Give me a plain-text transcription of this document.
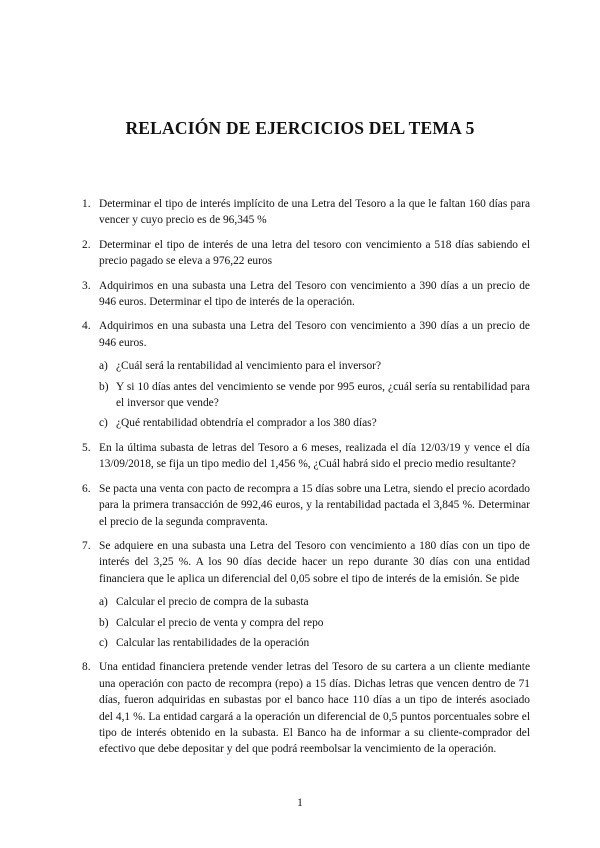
RELACIÓN DE EJERCICIOS DEL TEMA 5
1. Determinar el tipo de interés implícito de una Letra del Tesoro a la que le faltan 160 días para vencer y cuyo precio es de 96,345 %
2. Determinar el tipo de interés de una letra del tesoro con vencimiento a 518 días sabiendo el precio pagado se eleva a 976,22 euros
3. Adquirimos en una subasta una Letra del Tesoro con vencimiento a 390 días a un precio de 946 euros. Determinar el tipo de interés de la operación.
4. Adquirimos en una subasta una Letra del Tesoro con vencimiento a 390 días a un precio de 946 euros.
a) ¿Cuál será la rentabilidad al vencimiento para el inversor?
b) Y si 10 días antes del vencimiento se vende por 995 euros, ¿cuál sería su rentabilidad para el inversor que vende?
c) ¿Qué rentabilidad obtendría el comprador a los 380 días?
5. En la última subasta de letras del Tesoro a 6 meses, realizada el día 12/03/19 y vence el día 13/09/2018, se fija un tipo medio del 1,456 %, ¿Cuál habrá sido el precio medio resultante?
6. Se pacta una venta con pacto de recompra a 15 días sobre una Letra, siendo el precio acordado para la primera transacción de 992,46 euros, y la rentabilidad pactada el 3,845 %. Determinar el precio de la segunda compraventa.
7. Se adquiere en una subasta una Letra del Tesoro con vencimiento a 180 días con un tipo de interés del 3,25 %. A los 90 días decide hacer un repo durante 30 días con una entidad financiera que le aplica un diferencial del 0,05 sobre el tipo de interés de la emisión. Se pide
a) Calcular el precio de compra de la subasta
b) Calcular el precio de venta y compra del repo
c) Calcular las rentabilidades de la operación
8. Una entidad financiera pretende vender letras del Tesoro de su cartera a un cliente mediante una operación con pacto de recompra (repo) a 15 días. Dichas letras que vencen dentro de 71 días, fueron adquiridas en subastas por el banco hace 110 días a un tipo de interés asociado del 4,1 %. La entidad cargará a la operación un diferencial de 0,5 puntos porcentuales sobre el tipo de interés obtenido en la subasta. El Banco ha de informar a su cliente-comprador del efectivo que debe depositar y del que podrá reembolsar la vencimiento de la operación.
1
